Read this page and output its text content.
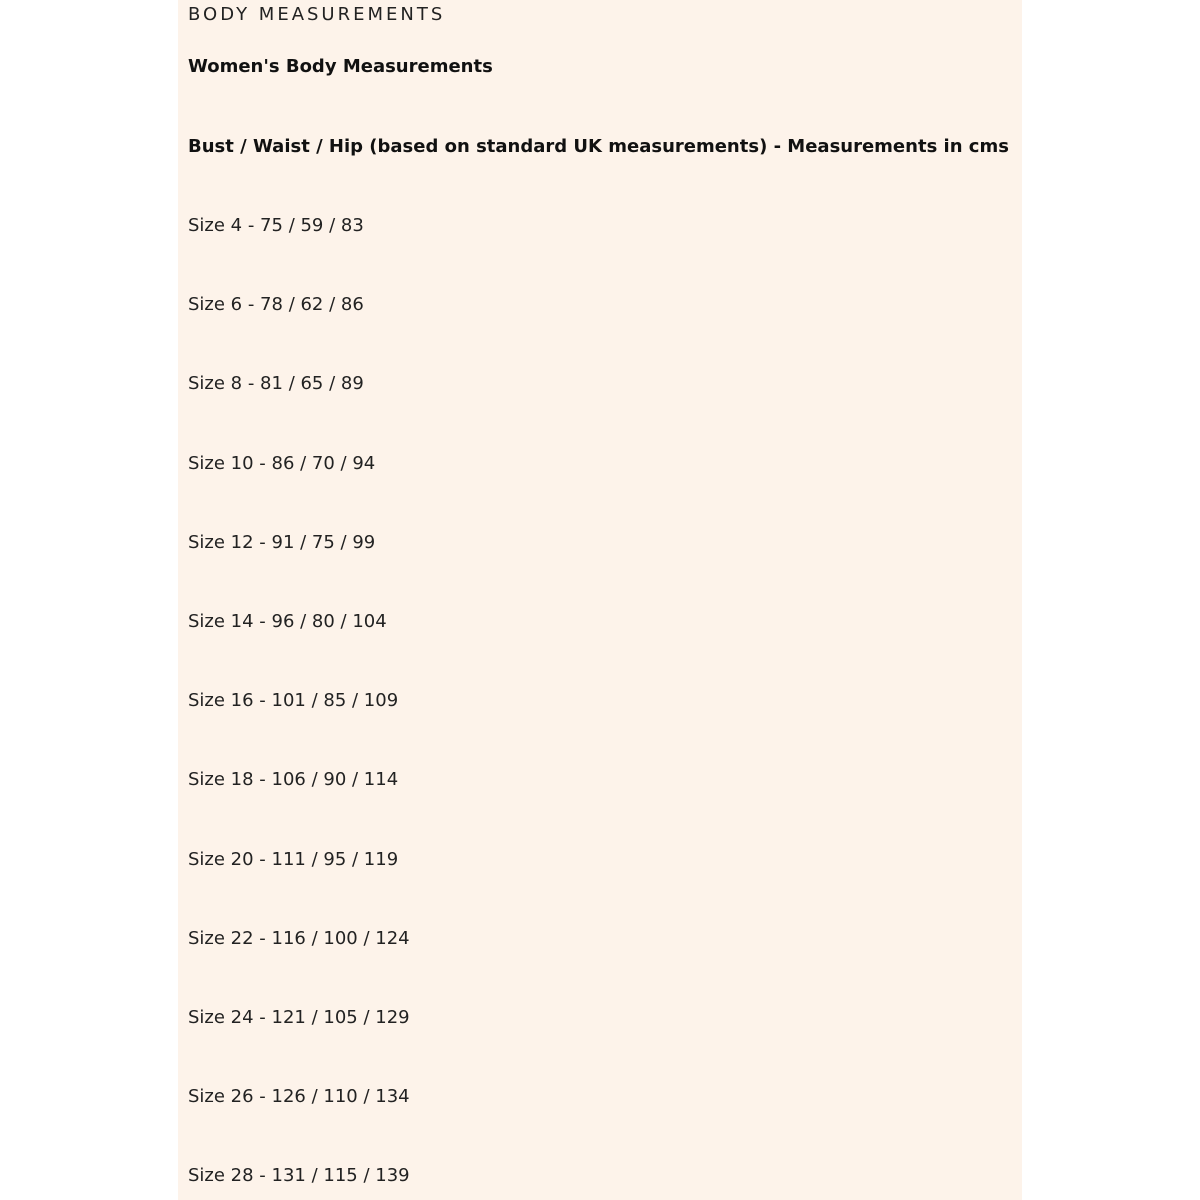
BODY MEASUREMENTS
Women's Body Measurements
Bust / Waist / Hip (based on standard UK measurements) - Measurements in cms
Size 4 - 75 / 59 / 83
Size 6 - 78 / 62 / 86
Size 8 - 81 / 65 / 89
Size 10 - 86 / 70 / 94
Size 12 - 91 / 75 / 99
Size 14 - 96 / 80 / 104
Size 16 - 101 / 85 / 109
Size 18 - 106 / 90 / 114
Size 20 - 111 / 95 / 119
Size 22 - 116 / 100 / 124
Size 24 - 121 / 105 / 129
Size 26 - 126 / 110 / 134
Size 28 - 131 / 115 / 139
